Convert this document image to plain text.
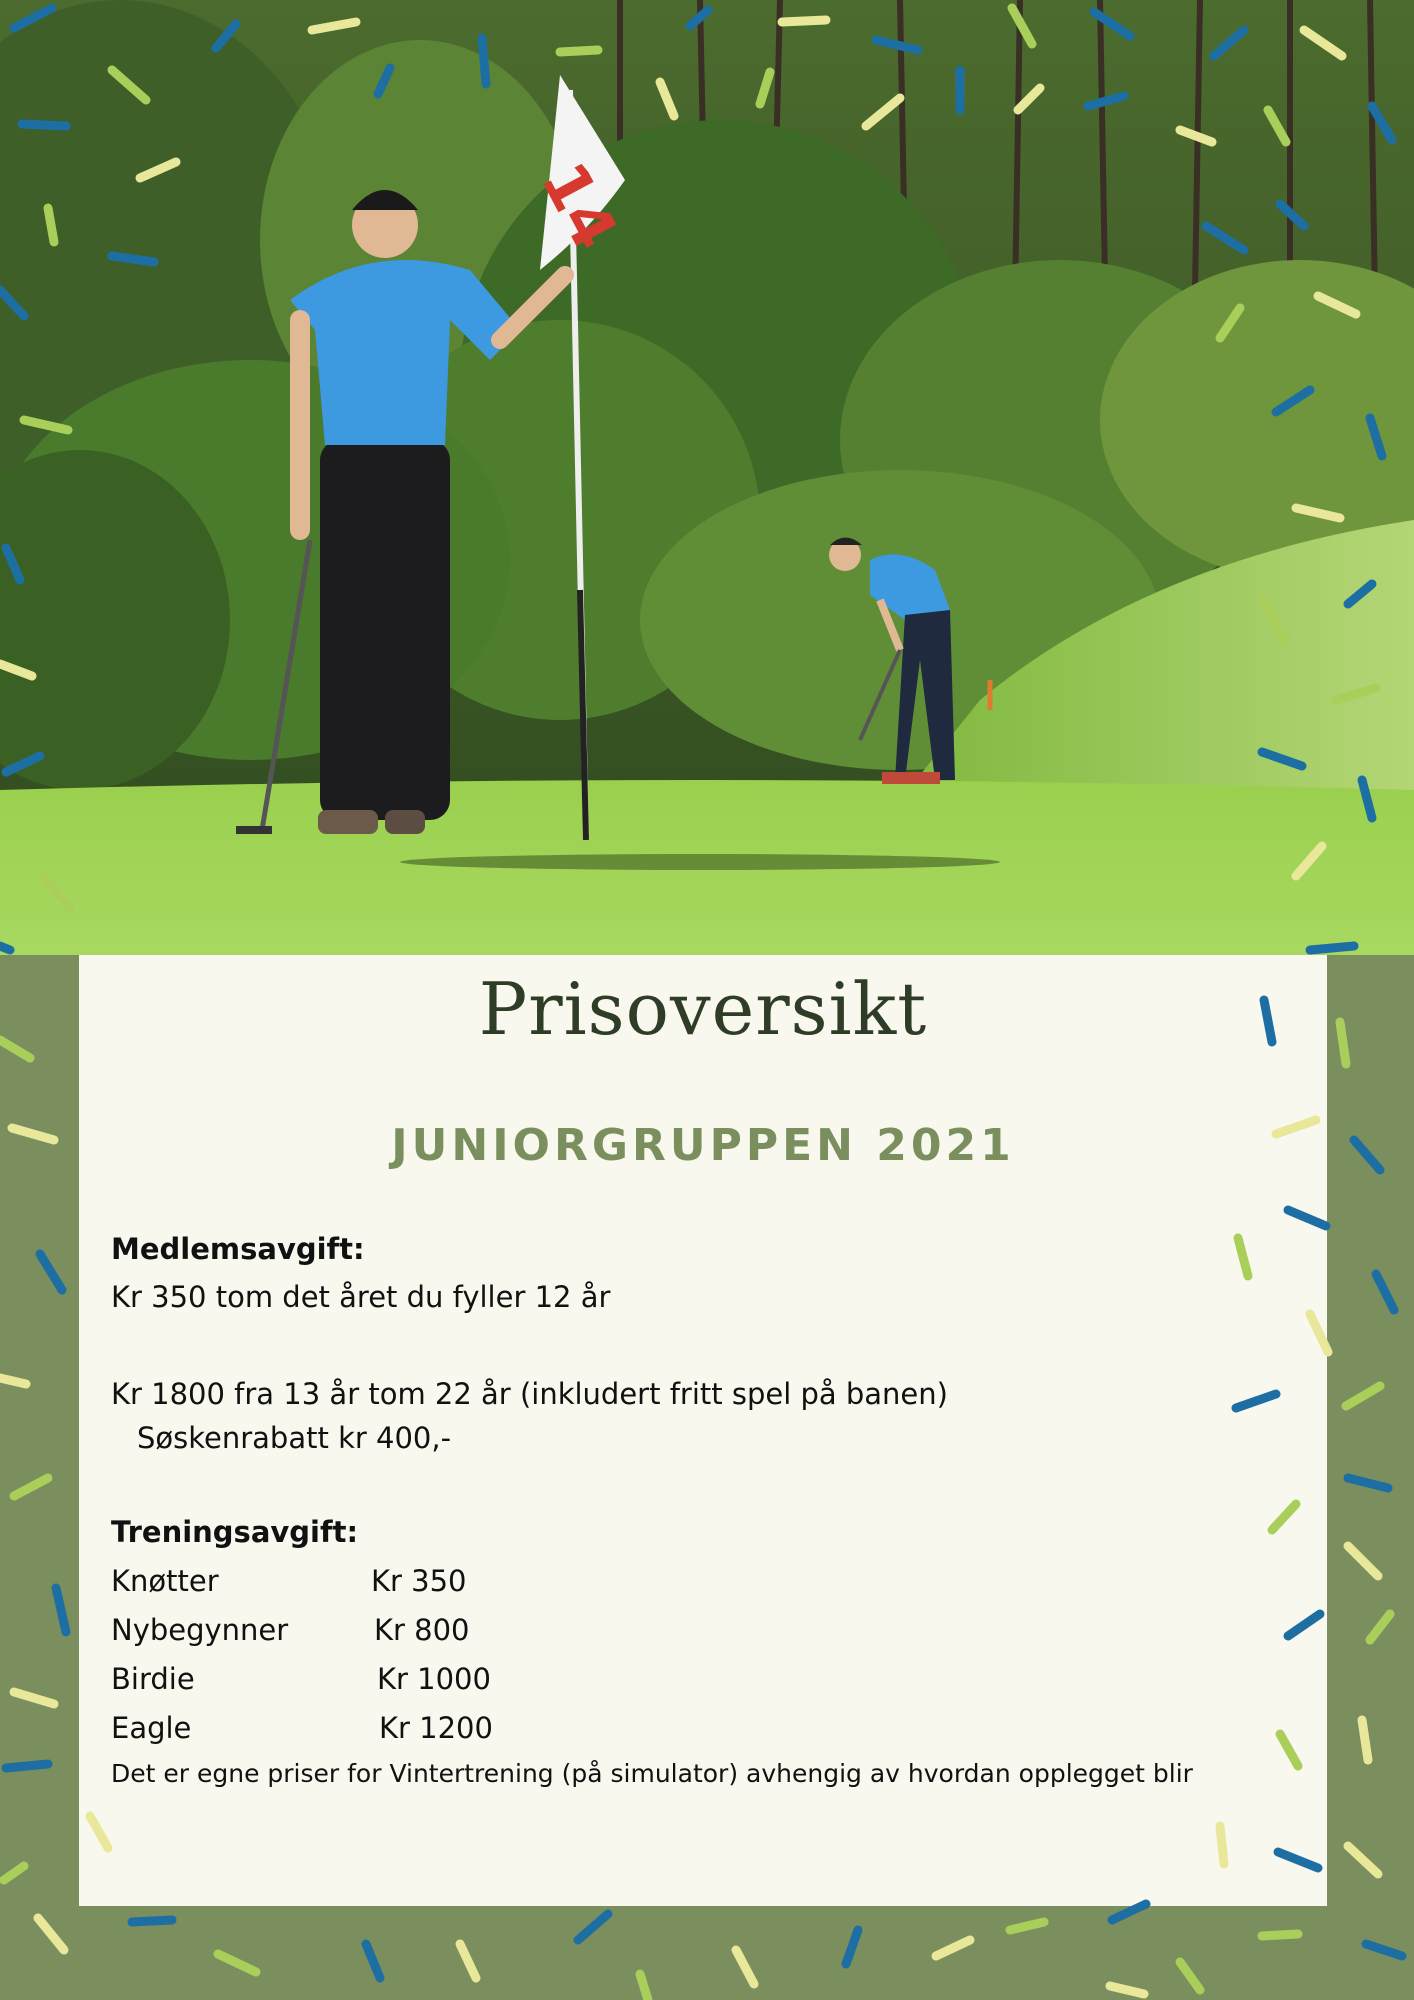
14
Prisoversikt
JUNIORGRUPPEN 2021
Medlemsavgift:
Kr 350 tom det året du fyller 12 år
Kr 1800 fra 13 år tom 22 år (inkludert fritt spel på banen)
Søskenrabatt kr 400,-
Treningsavgift:
Knøtter	Kr 350
Nybegynner	Kr 800
Birdie	Kr 1000
Eagle	Kr 1200
Det er egne priser for Vintertrening (på simulator) avhengig av hvordan opplegget blir
